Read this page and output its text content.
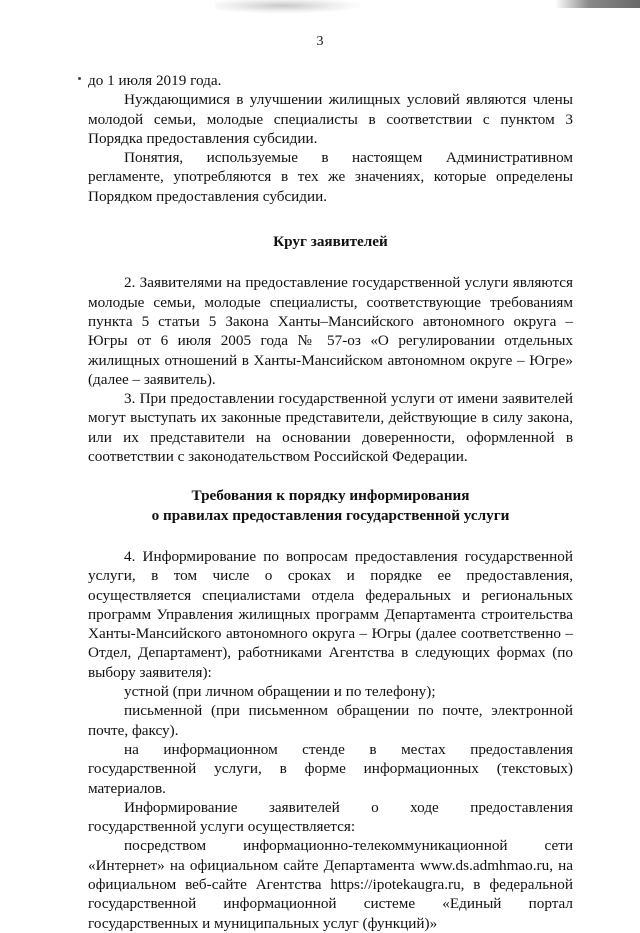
3

до 1 июля 2019 года.

Нуждающимися в улучшении жилищных условий являются члены молодой семьи, молодые специалисты в соответствии с пунктом 3 Порядка предоставления субсидии.

Понятия, используемые в настоящем Административном регламенте, употребляются в тех же значениях, которые определены Порядком предоставления субсидии.

Круг заявителей

2. Заявителями на предоставление государственной услуги являются молодые семьи, молодые специалисты, соответствующие требованиям пункта 5 статьи 5 Закона Ханты–Мансийского автономного округа – Югры от 6 июля 2005 года № 57-оз «О регулировании отдельных жилищных отношений в Ханты-Мансийском автономном округе – Югре» (далее – заявитель).

3. При предоставлении государственной услуги от имени заявителей могут выступать их законные представители, действующие в силу закона, или их представители на основании доверенности, оформленной в соответствии с законодательством Российской Федерации.

Требования к порядку информирования
о правилах предоставления государственной услуги

4. Информирование по вопросам предоставления государственной услуги, в том числе о сроках и порядке ее предоставления, осуществляется специалистами отдела федеральных и региональных программ Управления жилищных программ Департамента строительства Ханты-Мансийского автономного округа – Югры (далее соответственно – Отдел, Департамент), работниками Агентства в следующих формах (по выбору заявителя):

устной (при личном обращении и по телефону);

письменной (при письменном обращении по почте, электронной почте, факсу).

на информационном стенде в местах предоставления государственной услуги, в форме информационных (текстовых) материалов.

Информирование заявителей о ходе предоставления государственной услуги осуществляется:

посредством информационно-телекоммуникационной сети «Интернет» на официальном сайте Департамента www.ds.admhmao.ru, на официальном веб-сайте Агентства https://ipotekaugra.ru, в федеральной государственной информационной системе «Единый портал государственных и муниципальных услуг (функций)»
